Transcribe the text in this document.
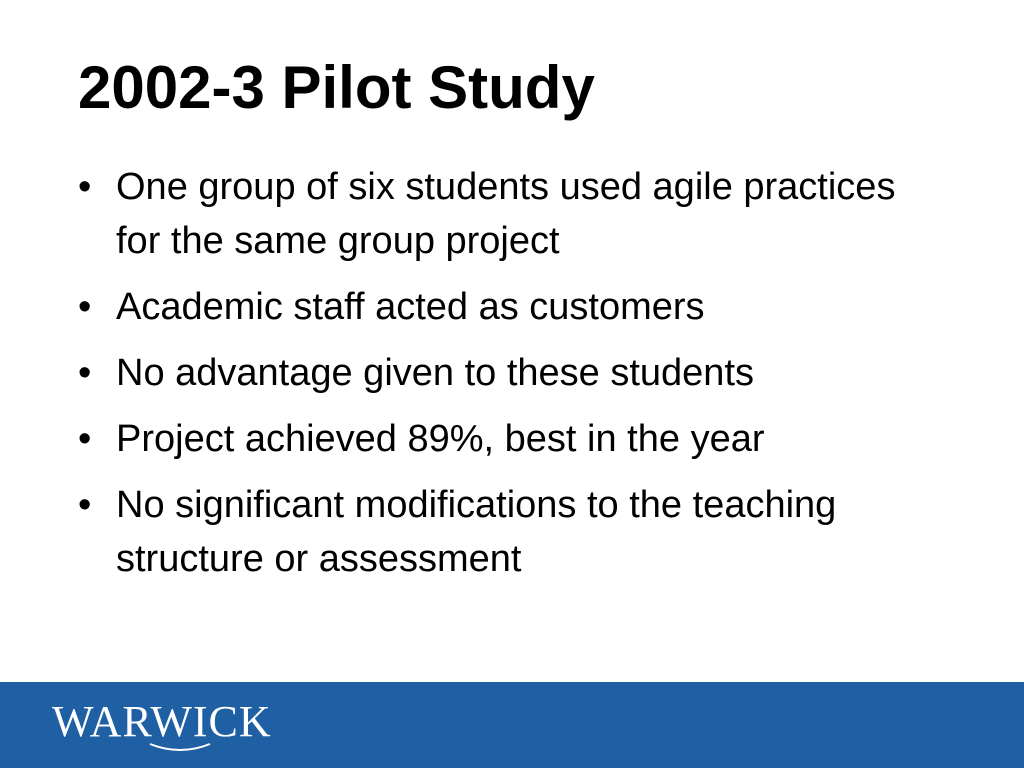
2002-3 Pilot Study
• One group of six students used agile practices for the same group project
• Academic staff acted as customers
• No advantage given to these students
• Project achieved 89%, best in the year
• No significant modifications to the teaching structure or assessment
WARWICK
